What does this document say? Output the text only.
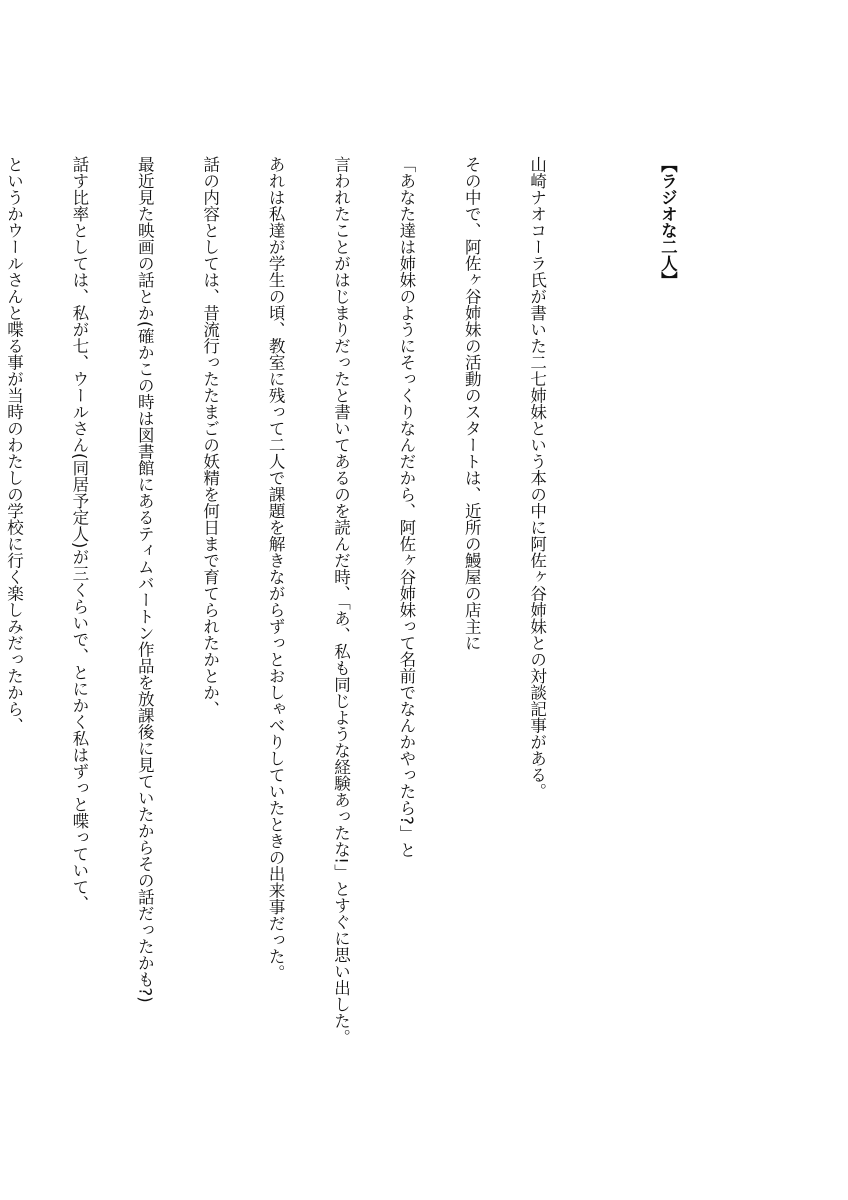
【ラジオな二人】

山崎ナオコーラ氏が書いた二七姉妹という本の中に阿佐ヶ谷姉妹との対談記事がある。

その中で、阿佐ヶ谷姉妹の活動のスタートは、近所の鰻屋の店主に

「あなた達は姉妹のようにそっくりなんだから、阿佐ヶ谷姉妹って名前でなんかやったら?」と

言われたことがはじまりだったと書いてあるのを読んだ時、「あ、私も同じような経験あったな!」とすぐに思い出した。

あれは私達が学生の頃、教室に残って二人で課題を解きながらずっとおしゃべりしていたときの出来事だった。

話の内容としては、昔流行ったたまごの妖精を何日まで育てられたかとか、

最近見た映画の話とか(確かこの時は図書館にあるティムバートン作品を放課後に見ていたからその話だったかも?)

話す比率としては、私が七、ウールさん(同居予定人)が三くらいで、とにかく私はずっと喋っていて、

というかウールさんと喋る事が当時のわたしの学校に行く楽しみだったから、
